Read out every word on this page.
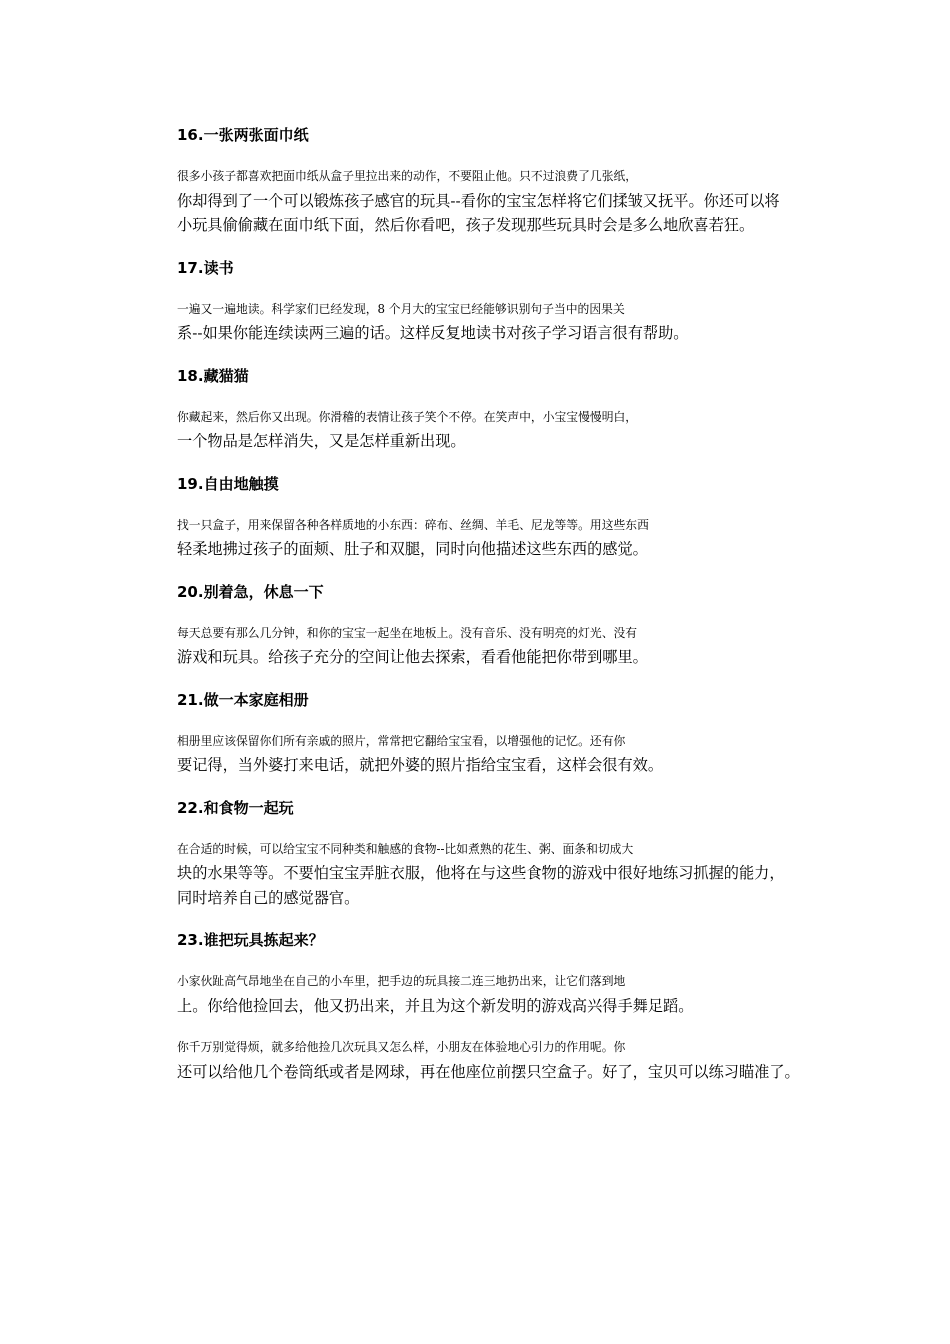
16.一张两张面巾纸

很多小孩子都喜欢把面巾纸从盒子里拉出来的动作，不要阻止他。只不过浪费了几张纸，
你却得到了一个可以锻炼孩子感官的玩具--看你的宝宝怎样将它们揉皱又抚平。你还可以将
小玩具偷偷藏在面巾纸下面，然后你看吧，孩子发现那些玩具时会是多么地欣喜若狂。

17.读书

一遍又一遍地读。科学家们已经发现，8 个月大的宝宝已经能够识别句子当中的因果关
系--如果你能连续读两三遍的话。这样反复地读书对孩子学习语言很有帮助。

18.藏猫猫

你藏起来，然后你又出现。你滑稽的表情让孩子笑个不停。在笑声中，小宝宝慢慢明白，
一个物品是怎样消失，又是怎样重新出现。

19.自由地触摸

找一只盒子，用来保留各种各样质地的小东西：碎布、丝绸、羊毛、尼龙等等。用这些东西
轻柔地拂过孩子的面颊、肚子和双腿，同时向他描述这些东西的感觉。

20.别着急，休息一下

每天总要有那么几分钟，和你的宝宝一起坐在地板上。没有音乐、没有明亮的灯光、没有
游戏和玩具。给孩子充分的空间让他去探索，看看他能把你带到哪里。

21.做一本家庭相册

相册里应该保留你们所有亲戚的照片，常常把它翻给宝宝看，以增强他的记忆。还有你
要记得，当外婆打来电话，就把外婆的照片指给宝宝看，这样会很有效。

22.和食物一起玩

在合适的时候，可以给宝宝不同种类和触感的食物--比如煮熟的花生、粥、面条和切成大
块的水果等等。不要怕宝宝弄脏衣服，他将在与这些食物的游戏中很好地练习抓握的能力，
同时培养自己的感觉器官。

23.谁把玩具拣起来？

小家伙趾高气昂地坐在自己的小车里，把手边的玩具接二连三地扔出来，让它们落到地
上。你给他捡回去，他又扔出来，并且为这个新发明的游戏高兴得手舞足蹈。

你千万别觉得烦，就多给他捡几次玩具又怎么样，小朋友在体验地心引力的作用呢。你
还可以给他几个卷筒纸或者是网球，再在他座位前摆只空盒子。好了，宝贝可以练习瞄准了。
